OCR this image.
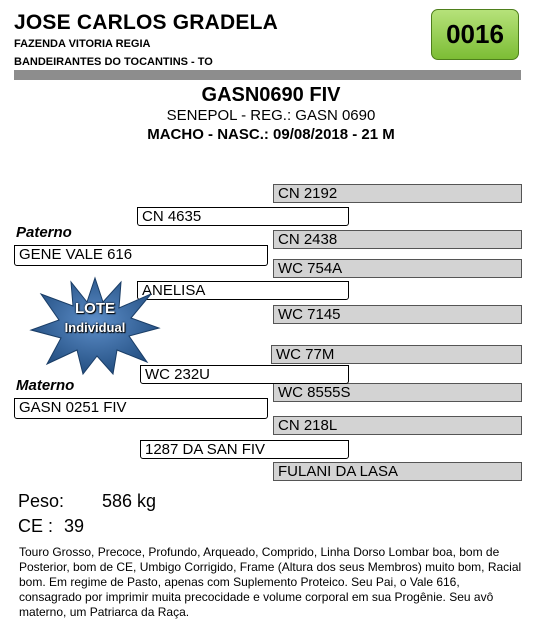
JOSE CARLOS GRADELA
FAZENDA VITORIA REGIA
BANDEIRANTES DO TOCANTINS - TO
0016
GASN0690 FIV
SENEPOL - REG.: GASN 0690
MACHO - NASC.: 09/08/2018 - 21 M
CN 2192
CN 2438
WC 754A
WC 7145
WC 77M
WC 8555S
CN 218L
FULANI DA LASA
CN 4635
ANELISA
WC 232U
1287 DA SAN FIV
Paterno
GENE VALE 616
Materno
GASN 0251 FIV
LOTE
Individual
Peso: 586 kg
CE : 39
Touro Grosso, Precoce, Profundo, Arqueado, Comprido, Linha Dorso Lombar boa, bom de Posterior, bom de CE, Umbigo Corrigido, Frame (Altura dos seus Membros) muito bom, Racial bom. Em regime de Pasto, apenas com Suplemento Proteico. Seu Pai, o Vale 616, consagrado por imprimir muita precocidade e volume corporal em sua Progênie. Seu avô materno, um Patriarca da Raça.
